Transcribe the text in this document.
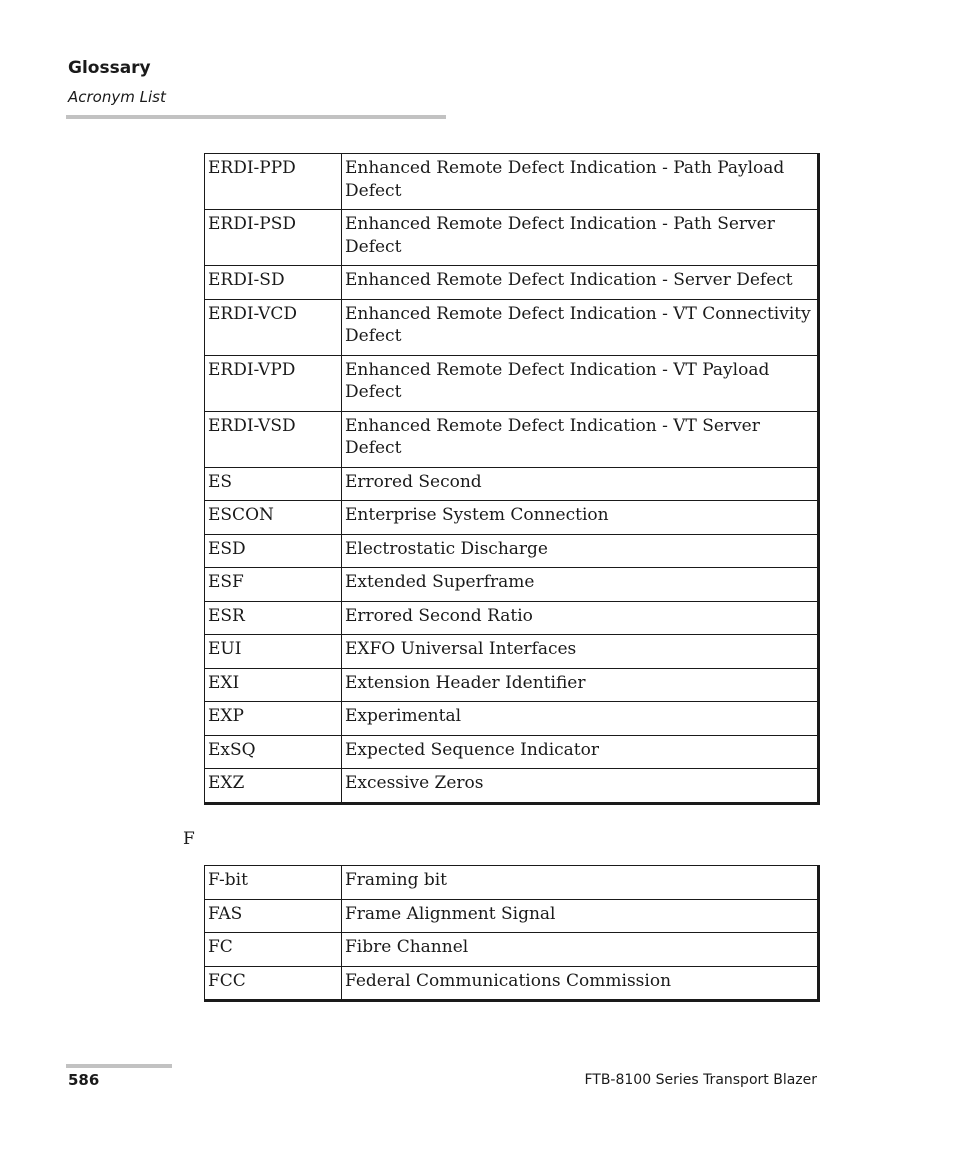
Glossary
Acronym List
ERDI-PPD	Enhanced Remote Defect Indication - Path Payload Defect
ERDI-PSD	Enhanced Remote Defect Indication - Path Server Defect
ERDI-SD	Enhanced Remote Defect Indication - Server Defect
ERDI-VCD	Enhanced Remote Defect Indication - VT Connectivity Defect
ERDI-VPD	Enhanced Remote Defect Indication - VT Payload Defect
ERDI-VSD	Enhanced Remote Defect Indication - VT Server Defect
ES	Errored Second
ESCON	Enterprise System Connection
ESD	Electrostatic Discharge
ESF	Extended Superframe
ESR	Errored Second Ratio
EUI	EXFO Universal Interfaces
EXI	Extension Header Identifier
EXP	Experimental
ExSQ	Expected Sequence Indicator
EXZ	Excessive Zeros
F
F-bit	Framing bit
FAS	Frame Alignment Signal
FC	Fibre Channel
FCC	Federal Communications Commission
586	FTB-8100 Series Transport Blazer
